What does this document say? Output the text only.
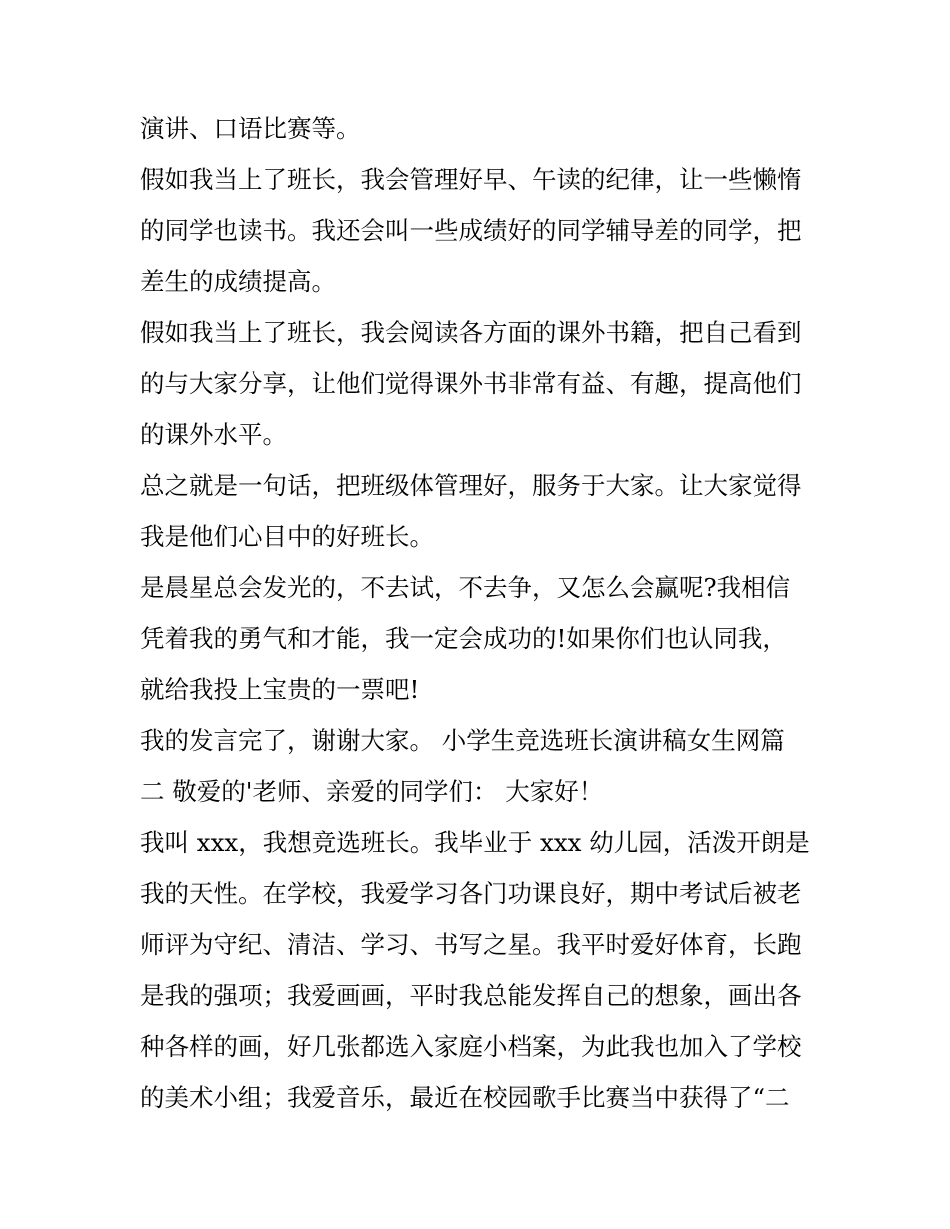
演讲、口语比赛等。
假如我当上了班长，我会管理好早、午读的纪律，让一些懒惰
的同学也读书。我还会叫一些成绩好的同学辅导差的同学，把
差生的成绩提高。
假如我当上了班长，我会阅读各方面的课外书籍，把自己看到
的与大家分享，让他们觉得课外书非常有益、有趣，提高他们
的课外水平。
总之就是一句话，把班级体管理好，服务于大家。让大家觉得
我是他们心目中的好班长。
是晨星总会发光的，不去试，不去争，又怎么会赢呢?我相信
凭着我的勇气和才能，我一定会成功的!如果你们也认同我，
就给我投上宝贵的一票吧!
我的发言完了，谢谢大家。 小学生竞选班长演讲稿女生网篇
二 敬爱的'老师、亲爱的同学们： 大家好！
我叫 xxx，我想竞选班长。我毕业于 xxx 幼儿园，活泼开朗是
我的天性。在学校，我爱学习各门功课良好，期中考试后被老
师评为守纪、清洁、学习、书写之星。我平时爱好体育，长跑
是我的强项；我爱画画，平时我总能发挥自己的想象，画出各
种各样的画，好几张都选入家庭小档案，为此我也加入了学校
的美术小组；我爱音乐，最近在校园歌手比赛当中获得了“二
